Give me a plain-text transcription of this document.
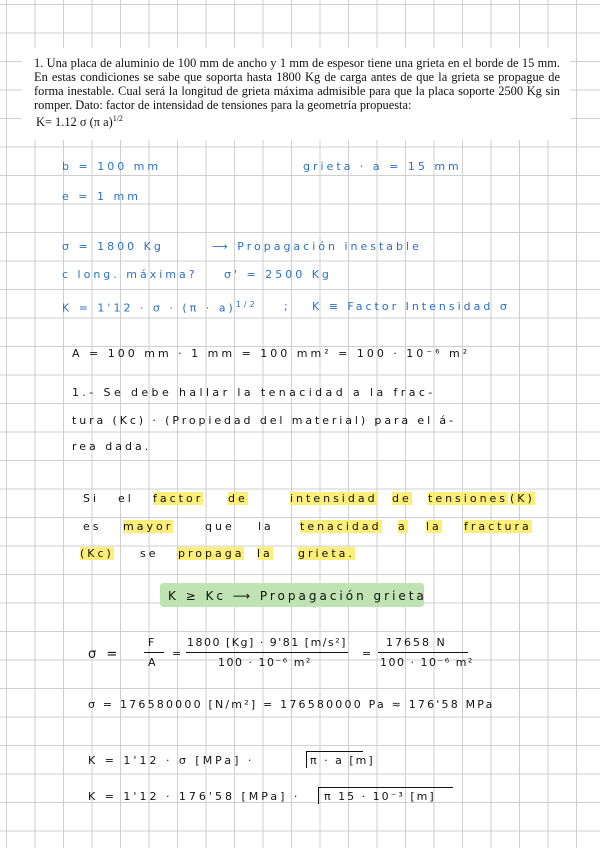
1. Una placa de aluminio de 100 mm de ancho y 1 mm de espesor tiene una grieta en el borde de 15 mm. En estas condiciones se sabe que soporta hasta 1800 Kg de carga antes de que la grieta se propague de forma inestable. Cual será la longitud de grieta máxima admisible para que la placa soporte 2500 Kg sin romper. Dato: factor de intensidad de tensiones para la geometría propuesta:

K= 1.12 σ (π a)$^{1/2}$
b = 100 mm	grieta · a = 15 mm
e = 1 mm
σ = 1800 Kg	⟶ Propagación inestable
c long. máxima? σ' = 2500 Kg
$K = 1'12 \cdot \sigma \cdot (\pi \cdot a)^{1/2}$ ; K ≡ Factor Intensidad σ
A = 100 mm · 1 mm = 100 mm² = 100 · 10⁻⁶ m²
1.- Se debe hallar la tenacidad a la frac-
tura (Kc) · (Propiedad del material) para el á-
rea dada.
Si el factor de	intensidad de tensiones (K)
es mayor	que la tenacidad a la fractura
(Kc) se propaga la grieta.
K ≥ Kc ⟶ Propagación grieta
σ =
F
A
=
1800 [Kg] · 9'81 [m/s²]
100 · 10⁻⁶ m²
=
17658 N
100 · 10⁻⁶ m²
σ = 176580000 [N/m²] = 176580000 Pa ≈ 176'58 MPa
K = 1'12 · σ [MPa] ·	π · a [m]
K = 1'12 · 176'58 [MPa] · π 15 · 10⁻³ [m]
